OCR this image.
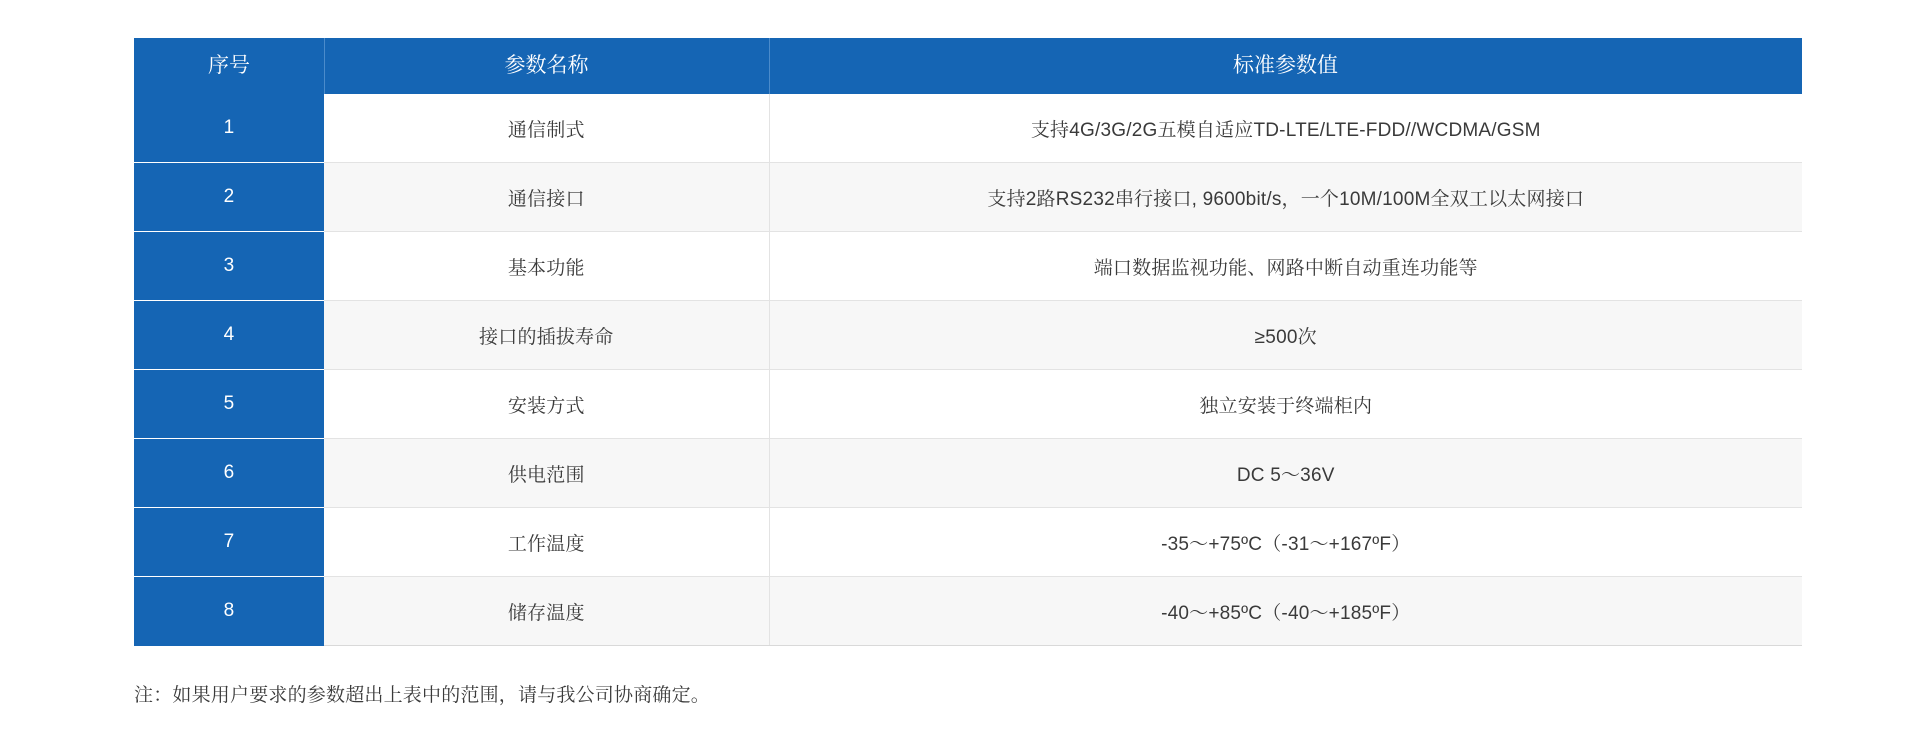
序号	参数名称	标准参数值
1	通信制式	支持4G/3G/2G五模自适应TD-LTE/LTE-FDD//WCDMA/GSM
2	通信接口	支持2路RS232串行接口, 9600bit/s，一个10M/100M全双工以太网接口
3	基本功能	端口数据监视功能、网路中断自动重连功能等
4	接口的插拔寿命	≥500次
5	安装方式	独立安装于终端柜内
6	供电范围	DC 5～36V
7	工作温度	-35～+75ºC（-31～+167ºF）
8	储存温度	-40～+85ºC（-40～+185ºF）
注：如果用户要求的参数超出上表中的范围，请与我公司协商确定。
